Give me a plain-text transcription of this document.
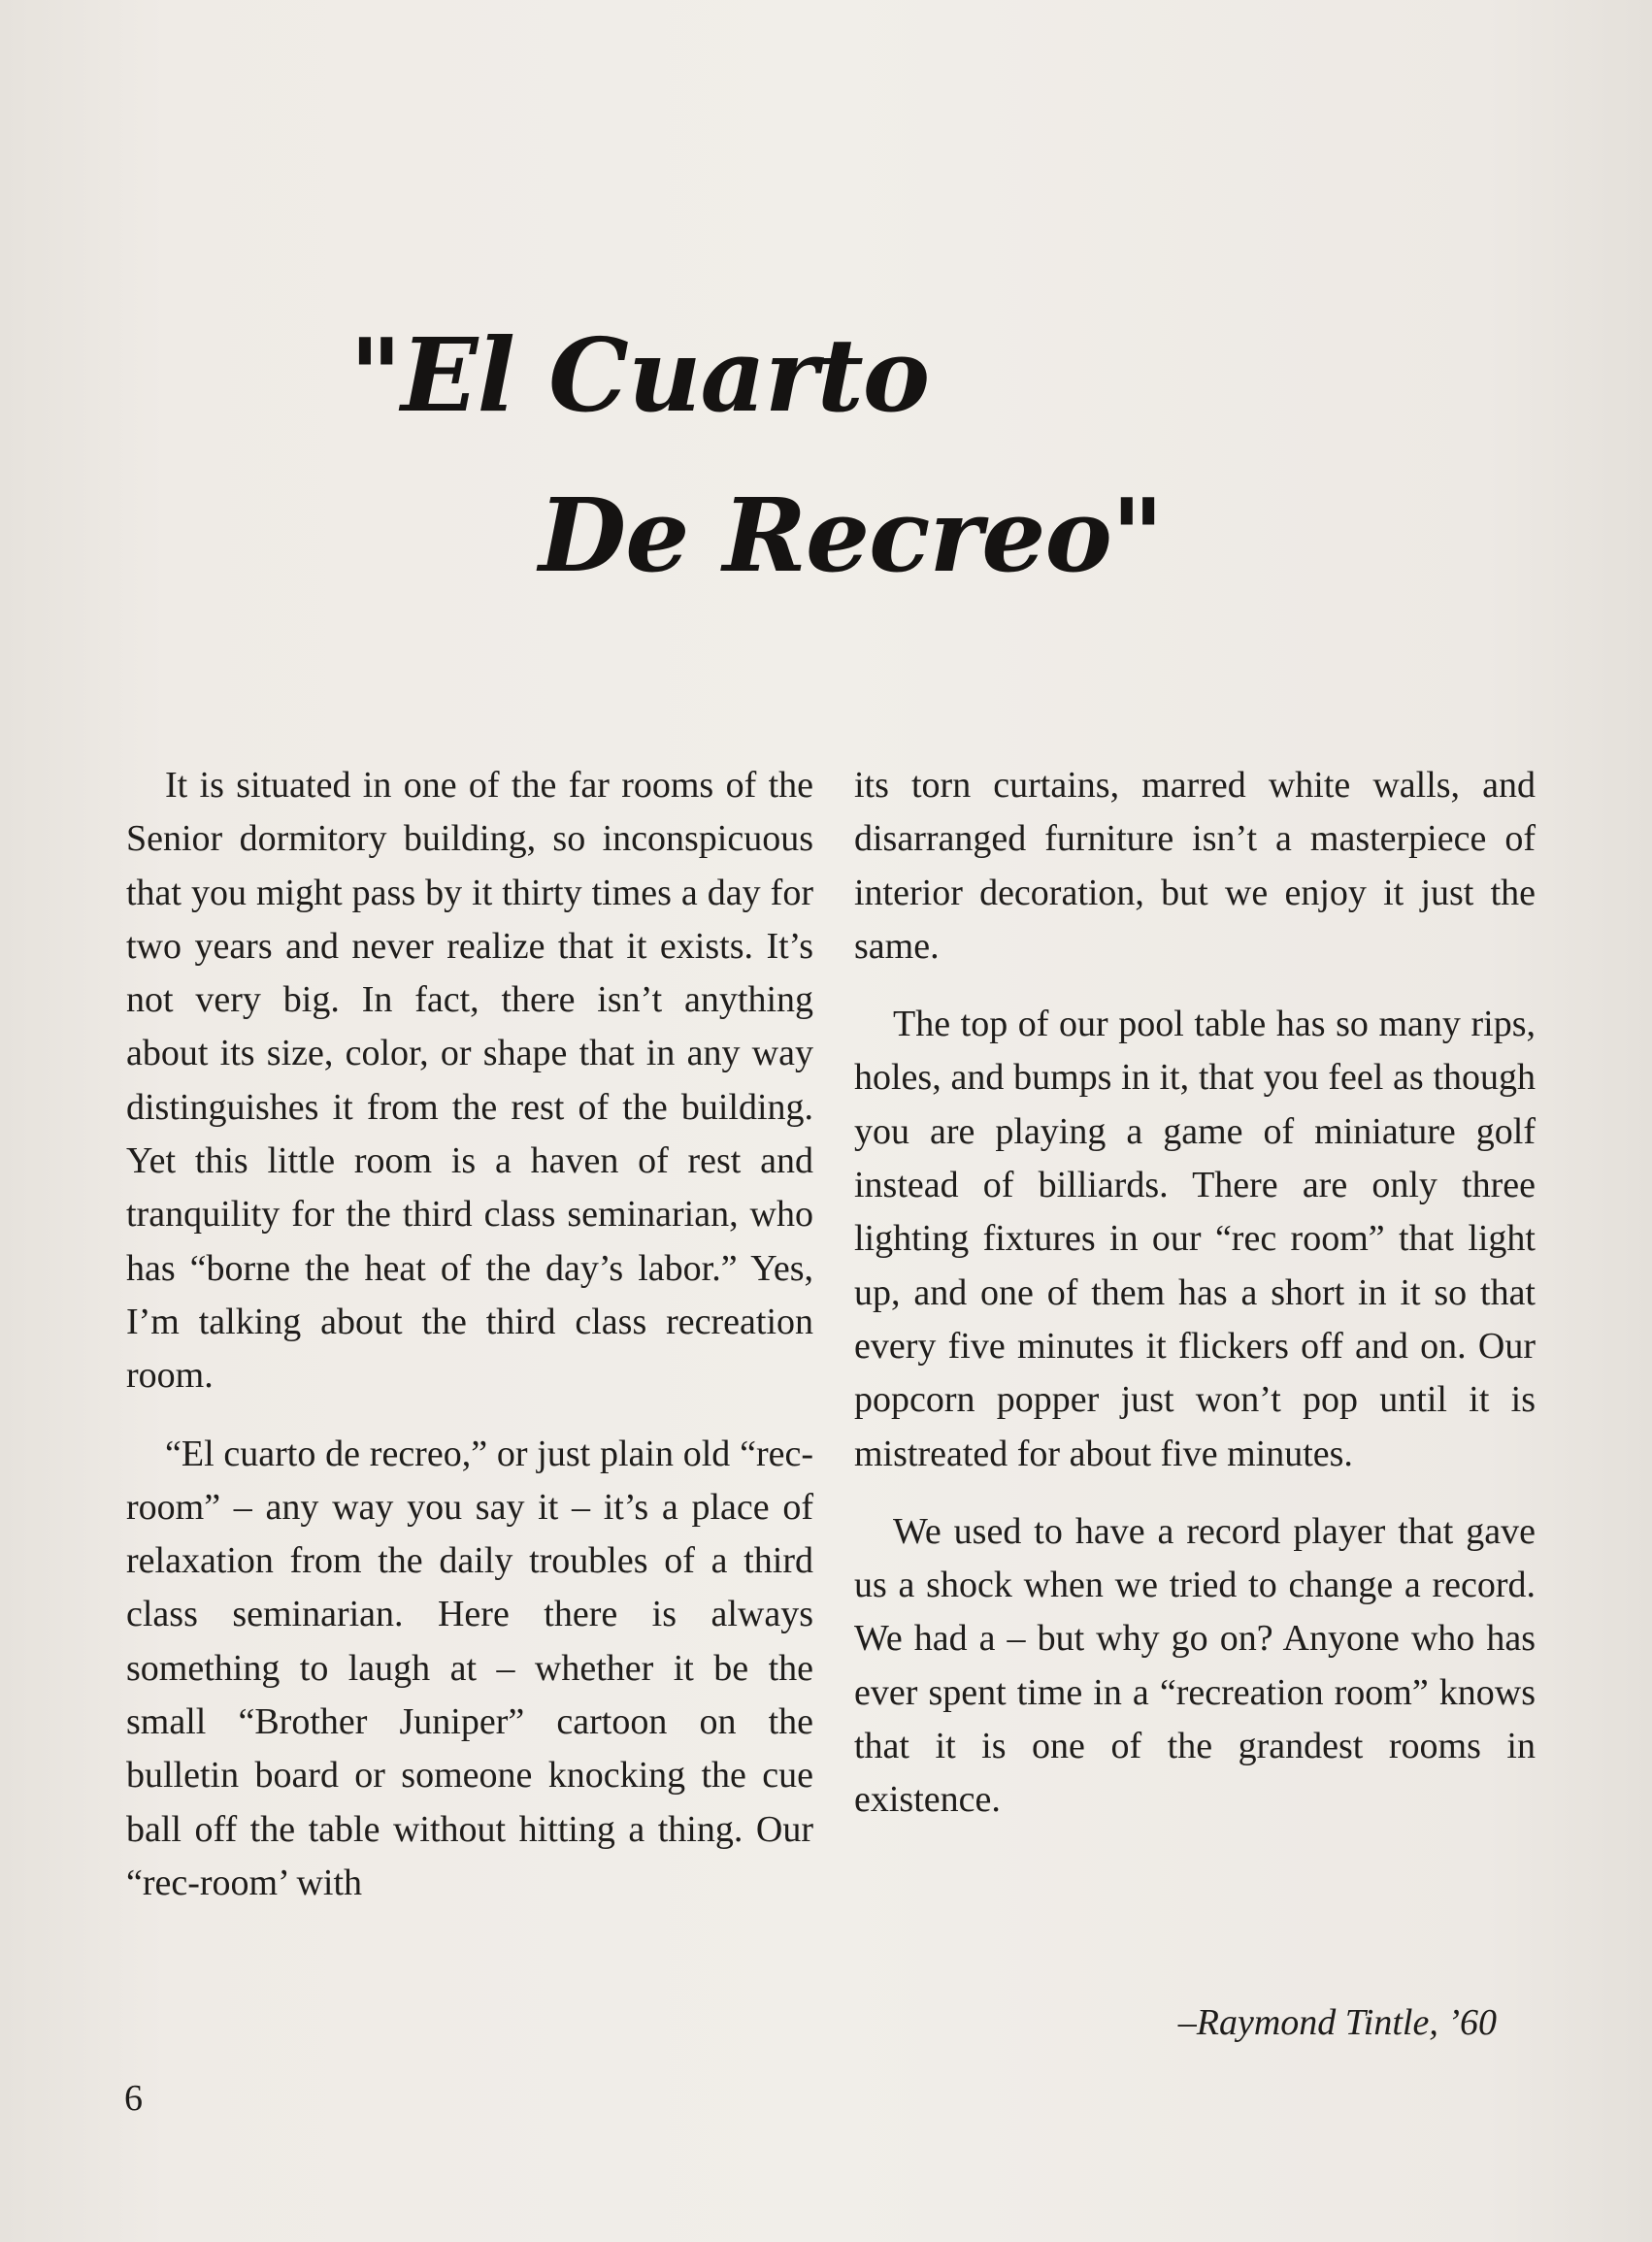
"El Cuarto
De Recreo"

It is situated in one of the far rooms of the Senior dormitory building, so inconspicuous that you might pass by it thirty times a day for two years and never realize that it exists. It’s not very big. In fact, there isn’t anything about its size, color, or shape that in any way distinguishes it from the rest of the building. Yet this little room is a haven of rest and tranquility for the third class seminarian, who has “borne the heat of the day’s labor.” Yes, I’m talking about the third class recreation room.

“El cuarto de recreo,” or just plain old “rec-room” – any way you say it – it’s a place of relaxation from the daily troubles of a third class seminarian. Here there is always something to laugh at – whether it be the small “Brother Juniper” cartoon on the bulletin board or someone knocking the cue ball off the table without hitting a thing. Our “rec-room’ with

its torn curtains, marred white walls, and disarranged furniture isn’t a masterpiece of interior decoration, but we enjoy it just the same.

The top of our pool table has so many rips, holes, and bumps in it, that you feel as though you are playing a game of miniature golf instead of billiards. There are only three lighting fixtures in our “rec room” that light up, and one of them has a short in it so that every five minutes it flickers off and on. Our popcorn popper just won’t pop until it is mistreated for about five minutes.

We used to have a record player that gave us a shock when we tried to change a record. We had a – but why go on? Anyone who has ever spent time in a “recreation room” knows that it is one of the grandest rooms in existence.

–Raymond Tintle, ’60
6
